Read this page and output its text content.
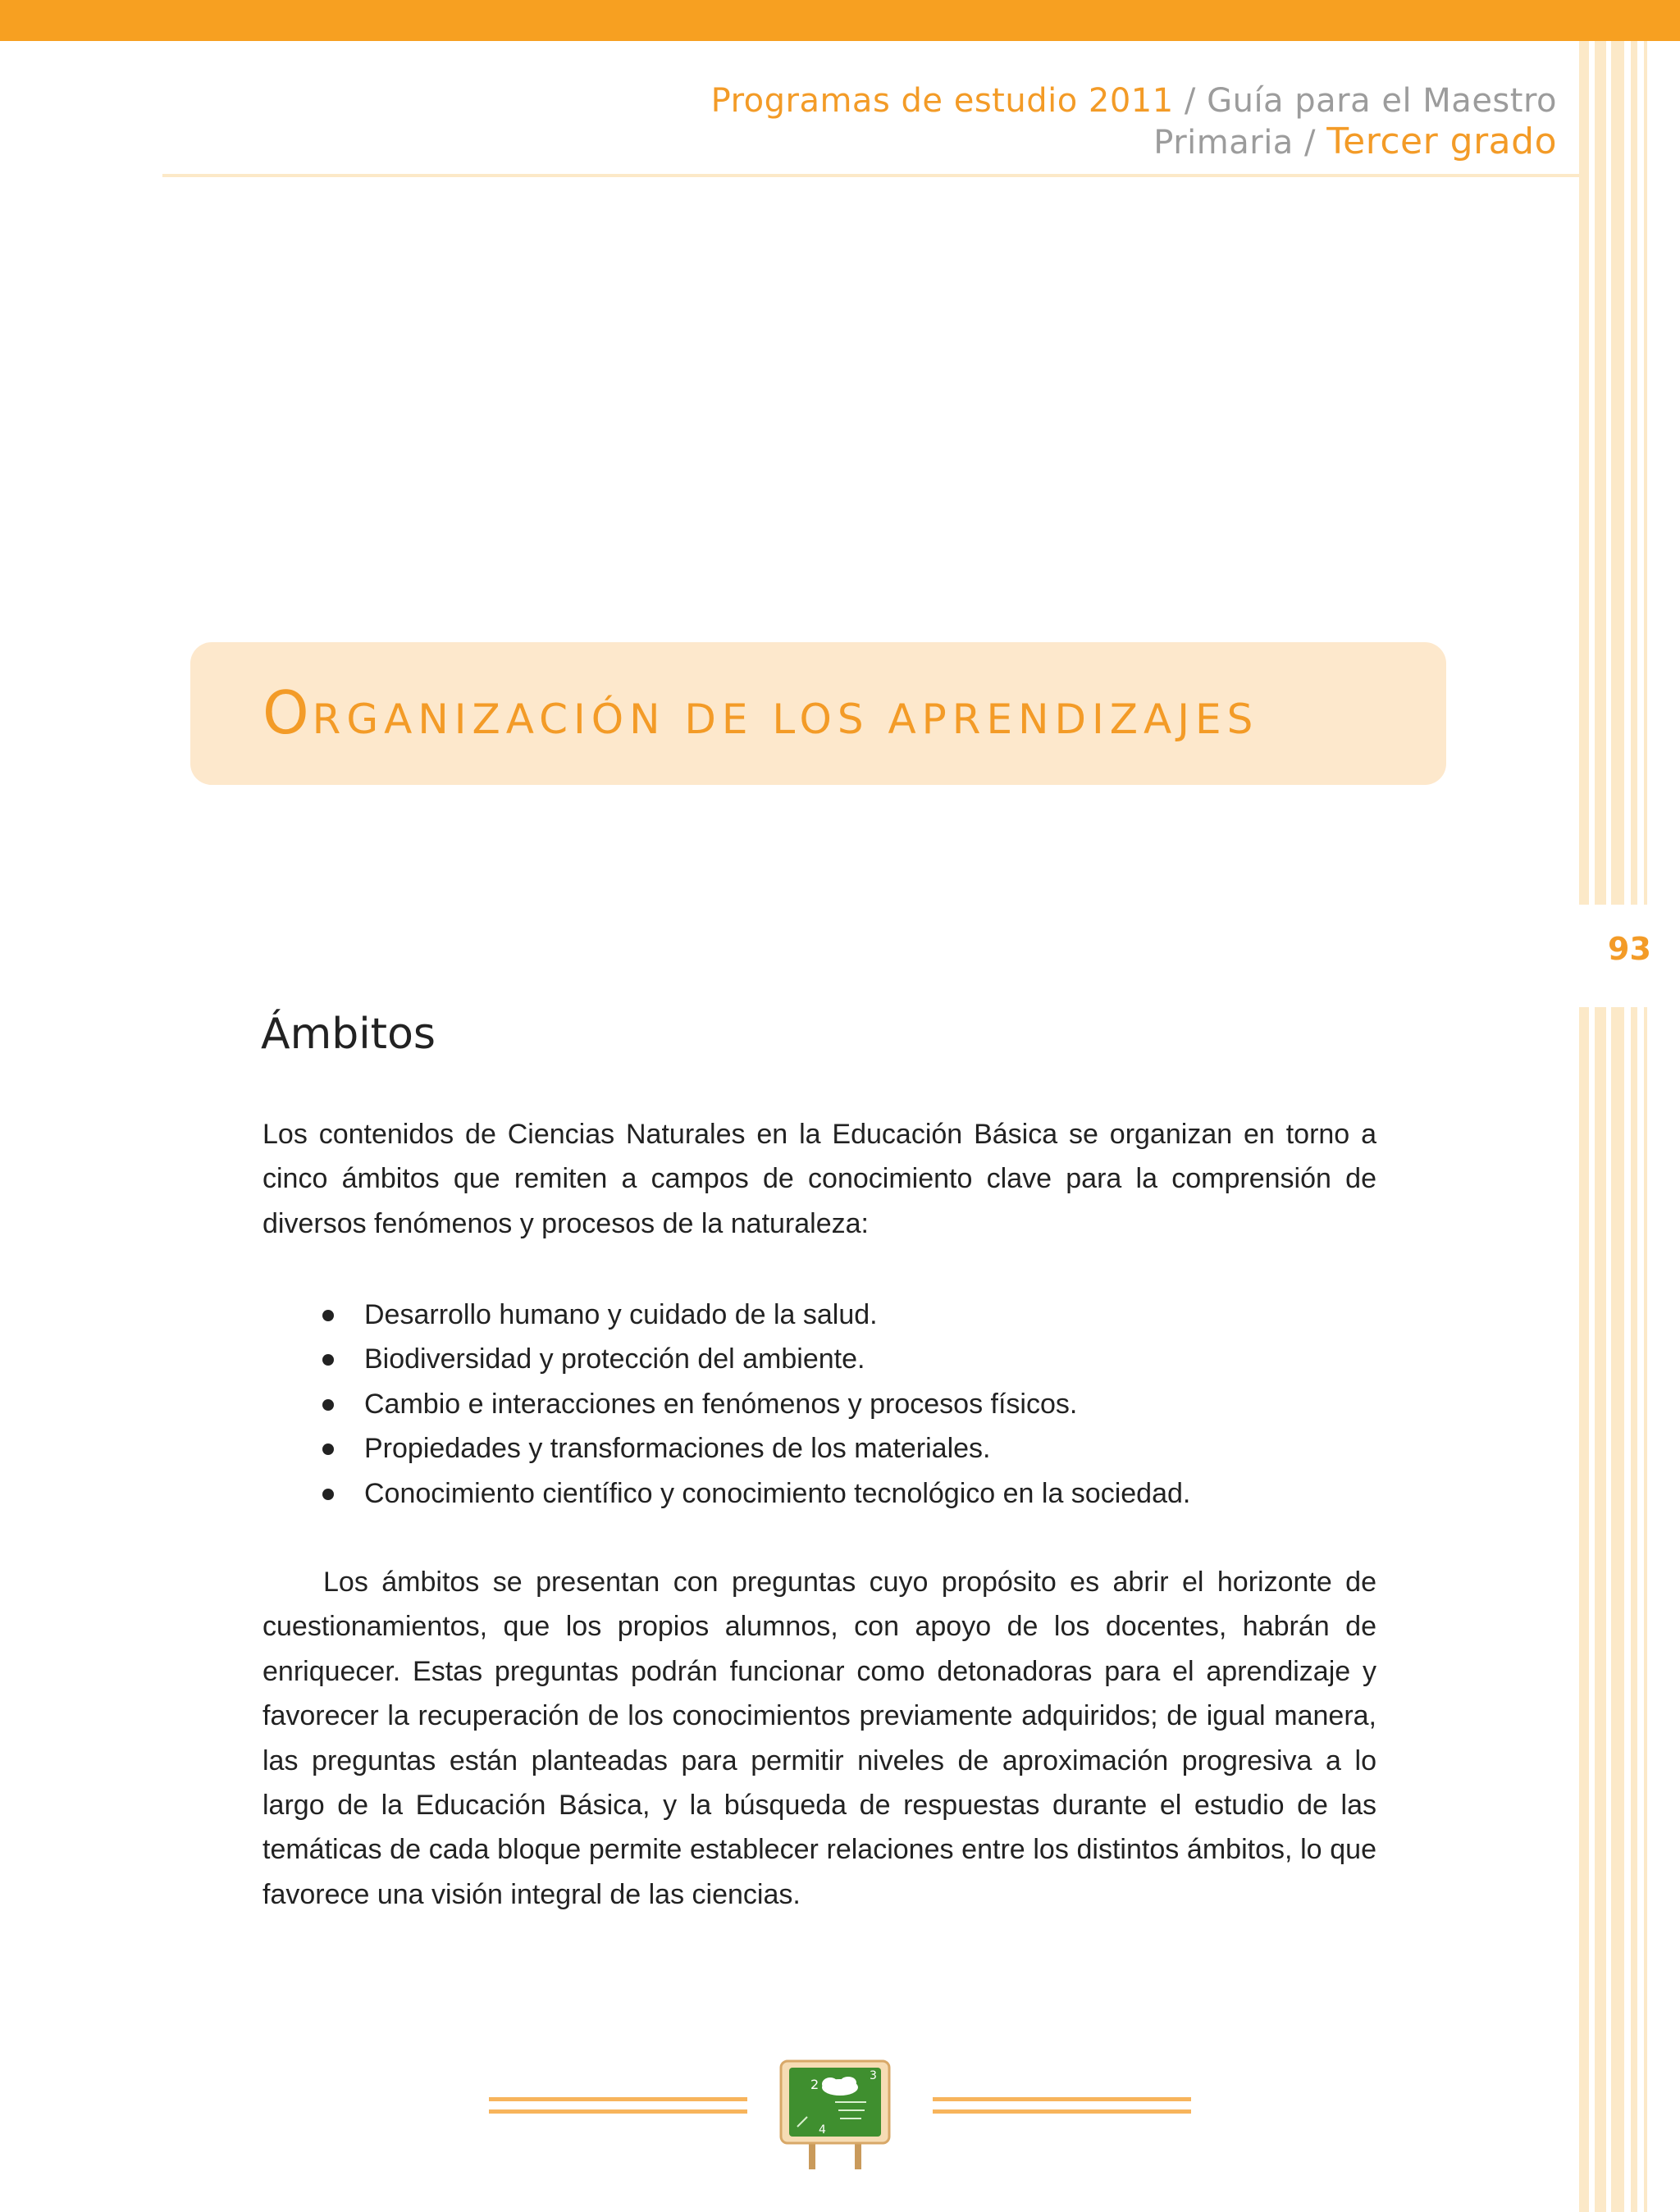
Programas de estudio 2011 / Guía para el Maestro
Primaria / Tercer grado
ORGANIZACIÓN DE LOS APRENDIZAJES
93
Ámbitos

Los contenidos de Ciencias Naturales en la Educación Básica se organizan en torno a cinco ámbitos que remiten a campos de conocimiento clave para la comprensión de diversos fenómenos y procesos de la naturaleza:

Desarrollo humano y cuidado de la salud.
Biodiversidad y protección del ambiente.
Cambio e interacciones en fenómenos y procesos físicos.
Propiedades y transformaciones de los materiales.
Conocimiento científico y conocimiento tecnológico en la sociedad.

Los ámbitos se presentan con preguntas cuyo propósito es abrir el horizonte de cuestionamientos, que los propios alumnos, con apoyo de los docentes, habrán de enriquecer. Estas preguntas podrán funcionar como detonadoras para el aprendizaje y favorecer la recuperación de los conocimientos previamente adquiridos; de igual manera, las preguntas están planteadas para permitir niveles de aproximación progresiva a lo largo de la Educación Básica, y la búsqueda de respuestas durante el estudio de las temáticas de cada bloque permite establecer relaciones entre los distintos ámbitos, lo que favorece una visión integral de las ciencias.

2
3
4
